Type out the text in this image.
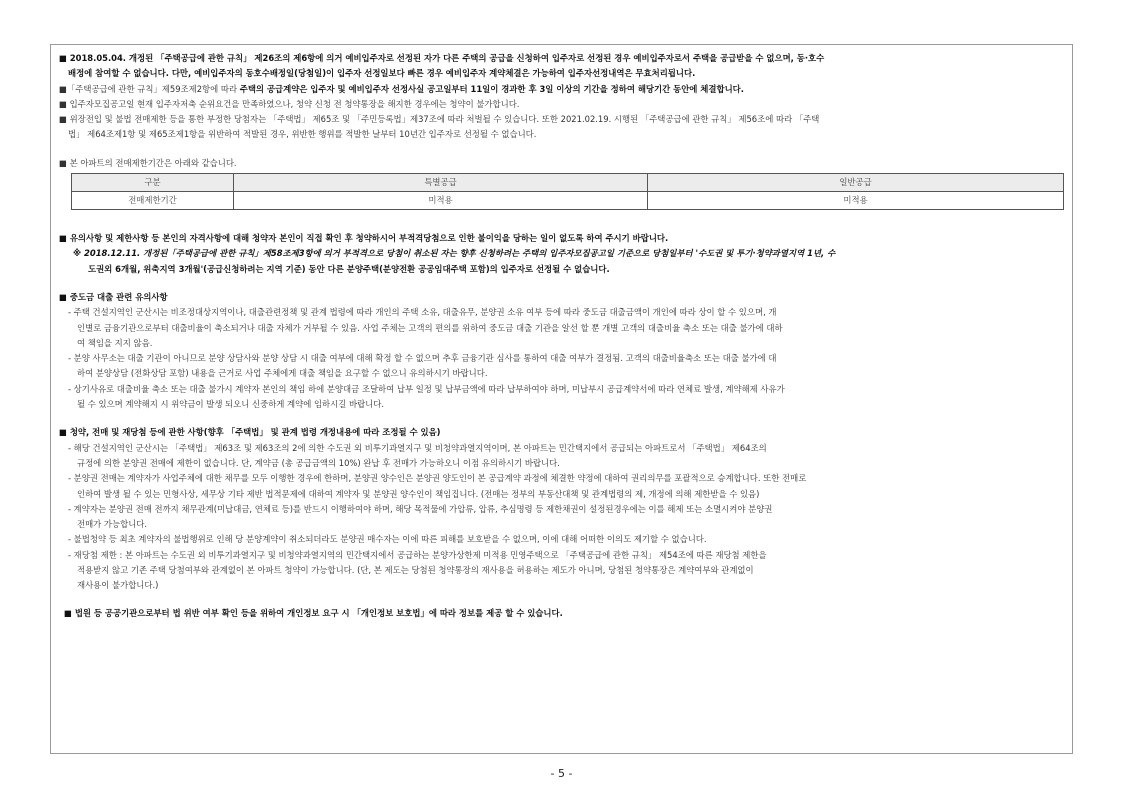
■ 2018.05.04. 개정된 「주택공급에 관한 규칙」 제26조의 제6항에 의거 예비입주자로 선정된 자가 다른 주택의 공급을 신청하여 입주자로 선정된 경우 예비입주자로서 주택을 공급받을 수 없으며, 동·호수

배정에 참여할 수 없습니다. 다만, 예비입주자의 동호수배정일(당첨일)이 입주자 선정일보다 빠른 경우 예비입주자 계약체결은 가능하여 입주자선정내역은 무효처리됩니다.

■「주택공급에 관한 규칙」제59조제2항에 따라 주택의 공급계약은 입주자 및 예비입주자 선정사실 공고일부터 11일이 경과한 후 3일 이상의 기간을 정하여 해당기간 동안에 체결합니다.

■ 입주자모집공고일 현재 입주자저축 순위요건을 만족하였으나, 청약 신청 전 청약통장을 해지한 경우에는 청약이 불가합니다.

■ 위장전입 및 불법 전매제한 등을 통한 부정한 당첨자는 「주택법」 제65조 및 「주민등록법」제37조에 따라 처벌될 수 있습니다. 또한 2021.02.19. 시행된 「주택공급에 관한 규칙」 제56조에 따라 「주택

법」 제64조제1항 및 제65조제1항을 위반하여 적발된 경우, 위반한 행위를 적발한 날부터 10년간 입주자로 선정될 수 없습니다.

■ 본 아파트의 전매제한기간은 아래와 같습니다.

구분	특별공급	일반공급
전매제한기간	미적용	미적용

■ 유의사항 및 제한사항 등 본인의 자격사항에 대해 청약자 본인이 직접 확인 후 청약하시어 부적격당첨으로 인한 불이익을 당하는 일이 없도록 하여 주시기 바랍니다.

※ 2018.12.11. 개정된「주택공급에 관한 규칙」제58조제3항에 의거 부적격으로 당첨이 취소된 자는 향후 신청하려는 주택의 입주자모집공고일 기준으로 당첨일부터 '수도권 및 투기·청약과열지역 1년, 수

도권외 6개월, 위축지역 3개월'(공급신청하려는 지역 기준) 동안 다른 분양주택(분양전환 공공임대주택 포함)의 입주자로 선정될 수 없습니다.

■ 중도금 대출 관련 유의사항

- 주택 건설지역인 군산시는 비조정대상지역이나, 대출관련정책 및 관계 법령에 따라 개인의 주택 소유, 대출유무, 분양권 소유 여부 등에 따라 중도금 대출금액이 개인에 따라 상이 할 수 있으며, 개

인별로 금융기관으로부터 대출비율이 축소되거나 대출 자체가 거부될 수 있음. 사업 주체는 고객의 편의를 위하여 중도금 대출 기관을 알선 할 뿐 개별 고객의 대출비율 축소 또는 대출 불가에 대하

여 책임을 지지 않음.

- 분양 사무소는 대출 기관이 아니므로 분양 상담사와 분양 상담 시 대출 여부에 대해 확정 할 수 없으며 추후 금융기관 심사를 통하여 대출 여부가 결정됨. 고객의 대출비율축소 또는 대출 불가에 대

하여 분양상담 (전화상담 포함) 내용을 근거로 사업 주체에게 대출 책임을 요구할 수 없으니 유의하시기 바랍니다.

- 상기사유로 대출비율 축소 또는 대출 불가시 계약자 본인의 책임 하에 분양대금 조달하여 납부 일정 및 납부금액에 따라 납부하여야 하며, 미납부시 공급계약서에 따라 연체료 발생, 계약해제 사유가

될 수 있으며 계약해지 시 위약금이 발생 되오니 신중하게 계약에 임하시길 바랍니다.

■ 청약, 전매 및 재당첨 등에 관한 사항(향후 「주택법」 및 관계 법령 개정내용에 따라 조정될 수 있음)

- 해당 건설지역인 군산시는 「주택법」 제63조 및 제63조의 2에 의한 수도권 외 비투기과열지구 및 비청약과열지역이며, 본 아파트는 민간택지에서 공급되는 아파트로서 「주택법」 제64조의

규정에 의한 분양권 전매에 제한이 없습니다. 단, 계약금 (총 공급금액의 10%) 완납 후 전매가 가능하오니 이점 유의하시기 바랍니다.

- 분양권 전매는 계약자가 사업주체에 대한 채무를 모두 이행한 경우에 한하며, 분양권 양수인은 분양권 양도인이 본 공급계약 과정에 체결한 약정에 대하여 권리의무를 포괄적으로 승계합니다. 또한 전매로

인하여 발생 될 수 있는 민형사상, 세무상 기타 제반 법적문제에 대하여 계약자 및 분양권 양수인이 책임집니다. (전매는 정부의 부동산대책 및 관계법령의 제, 개정에 의해 제한받을 수 있음)

- 계약자는 분양권 전매 전까지 채무관계(미납대금, 연체료 등)를 반드시 이행하여야 하며, 해당 목적물에 가압류, 압류, 추심명령 등 제한채권이 설정된경우에는 이를 해제 또는 소멸시켜야 분양권

전매가 가능합니다.

- 불법청약 등 최초 계약자의 불법행위로 인해 당 분양계약이 취소되더라도 분양권 매수자는 이에 따른 피해를 보호받을 수 없으며, 이에 대해 어떠한 이의도 제기할 수 없습니다.

- 재당첨 제한 : 본 아파트는 수도권 외 비투기과열지구 및 비청약과열지역의 민간택지에서 공급하는 분양가상한제 미적용 민영주택으로 「주택공급에 관한 규칙」 제54조에 따른 재당첨 제한을

적용받지 않고 기존 주택 당첨여부와 관계없이 본 아파트 청약이 가능합니다. (단, 본 제도는 당첨된 청약통장의 재사용을 허용하는 제도가 아니며, 당첨된 청약통장은 계약여부와 관계없이

재사용이 불가합니다.)

■ 법원 등 공공기관으로부터 법 위반 여부 확인 등을 위하여 개인정보 요구 시 「개인정보 보호법」에 따라 정보를 제공 할 수 있습니다.

- 5 -
